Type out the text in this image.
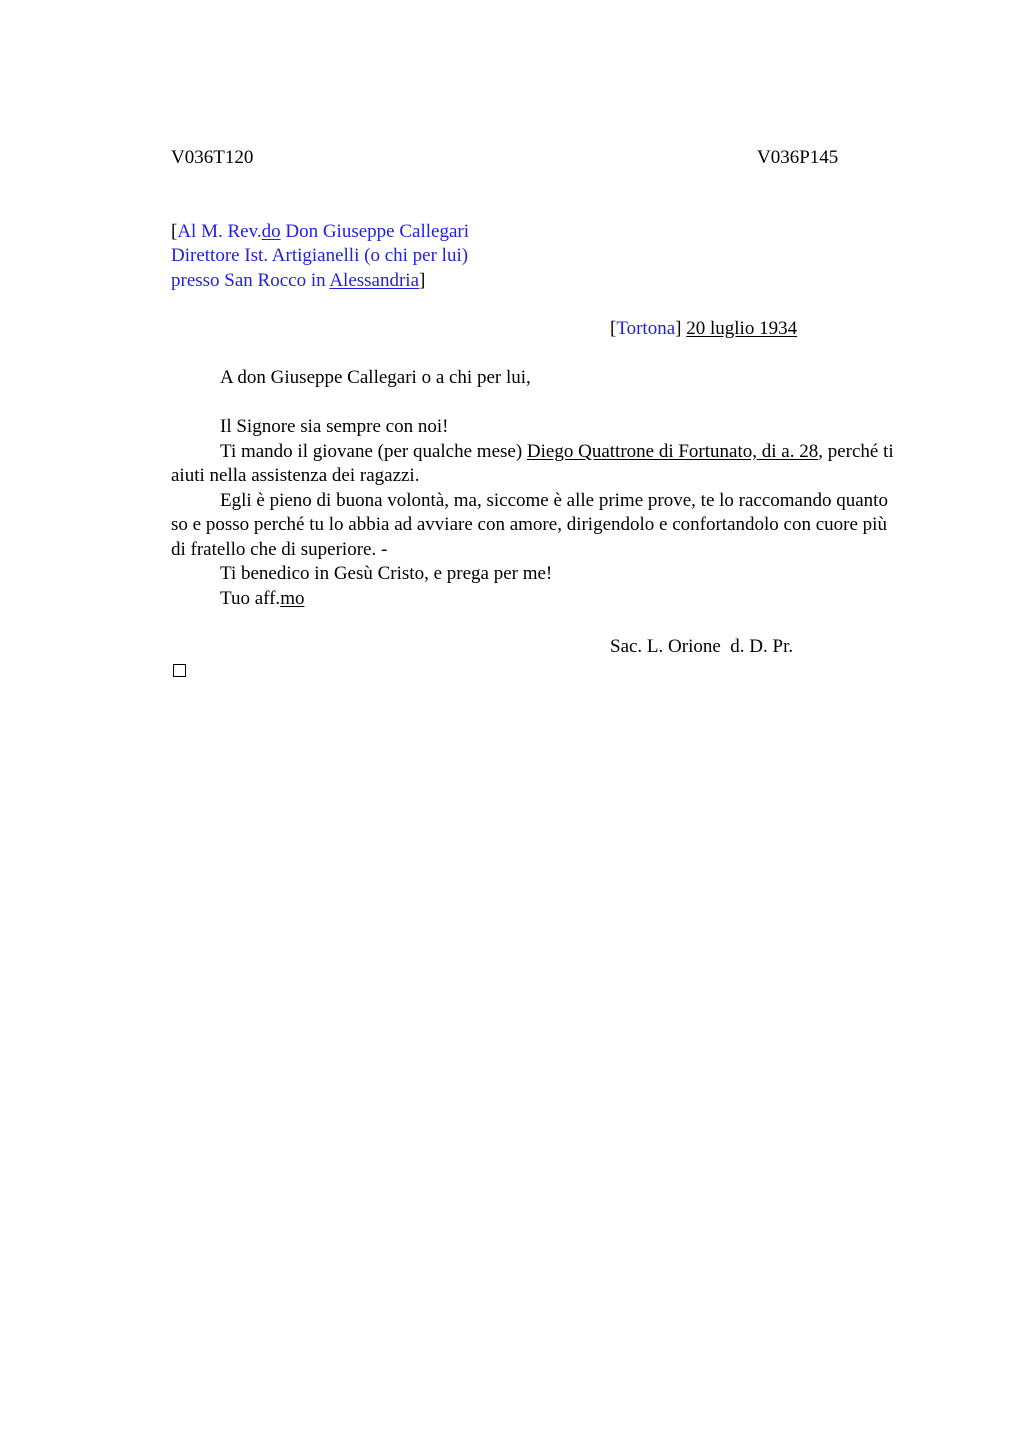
V036T120	V036P145
[Al M. Rev.do Don Giuseppe Callegari
Direttore Ist. Artigianelli (o chi per lui)
presso San Rocco in Alessandria]
[Tortona] 20 luglio 1934
A don Giuseppe Callegari o a chi per lui,

Il Signore sia sempre con noi!

Ti mando il giovane (per qualche mese) Diego Quattrone di Fortunato, di a. 28, perché ti aiuti nella assistenza dei ragazzi.

Egli è pieno di buona volontà, ma, siccome è alle prime prove, te lo raccomando quanto so e posso perché tu lo abbia ad avviare con amore, dirigendolo e confortandolo con cuore più di fratello che di superiore. -

Ti benedico in Gesù Cristo, e prega per me!

Tuo aff.mo

Sac. L. Orione  d. D. Pr.
